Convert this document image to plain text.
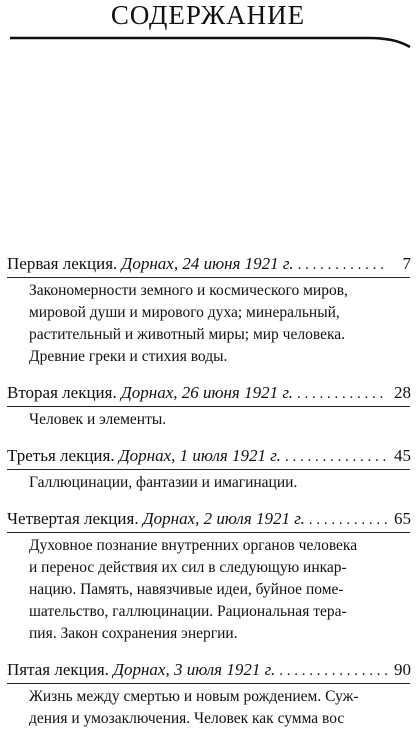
СОДЕРЖАНИЕ
Первая лекция . Дорнах, 24 июня 1921 г. . . .	7
Закономерности земного и космического миров,
мировой души и мирового духа; минеральный,
растительный и животный миры; мир человека.
Древние греки и стихия воды.
Вторая лекция . Дорнах, 26 июня 1921 г. . . .	28
Человек и элементы.
Третья лекция . Дорнах, 1 июля 1921 г. . . .	45
Галлюцинации, фантазии и имагинации.
Четвертая лекция . Дорнах, 2 июля 1921 г. . . .	65
Духовное познание внутренних органов человека
и перенос действия их сил в следующую инкар-
нацию. Память, навязчивые идеи, буйное поме-
шательство, галлюцинации. Рациональная тера-
пия. Закон сохранения энергии.
Пятая лекция . Дорнах, 3 июля 1921 г. . . .	90
Жизнь между смертью и новым рождением. Суж-
дения и умозаключения. Человек как сумма вос
